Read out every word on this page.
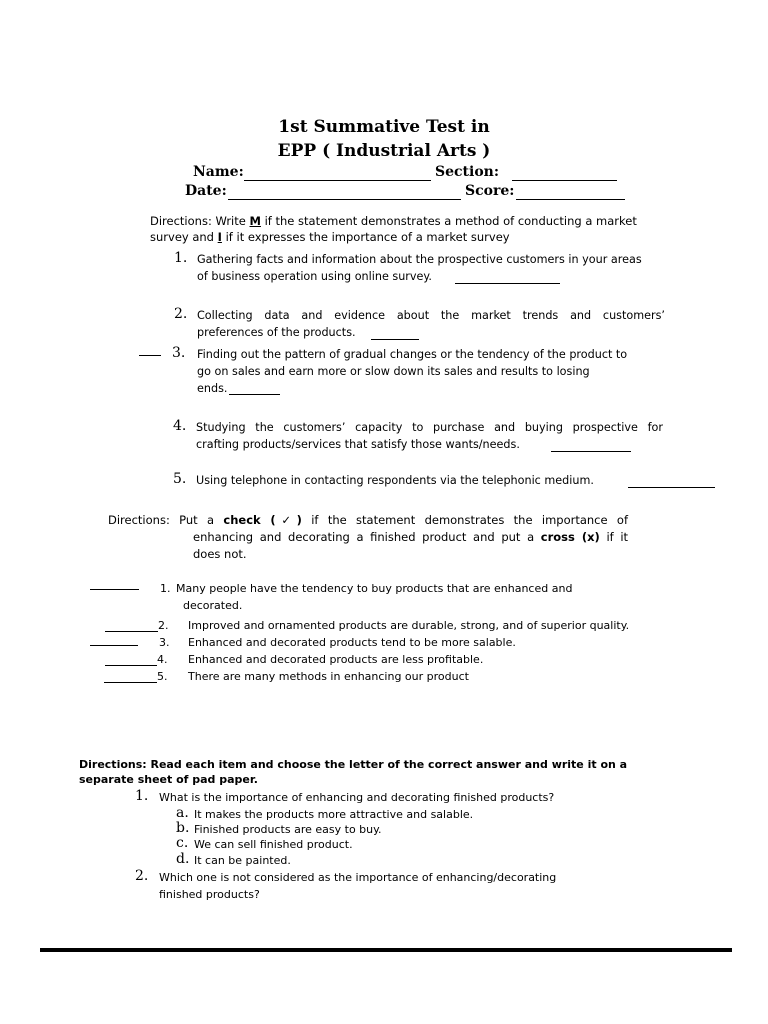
1st Summative Test in
EPP ( Industrial Arts )
Name:	Section:
Date:	Score:
Directions: Write M if the statement demonstrates a method of conducting a market
survey and I if it expresses the importance of a market survey
1. Gathering facts and information about the prospective customers in your areas
of business operation using online survey.
2. Collecting data and evidence about the market trends and customers’
preferences of the products.
3. Finding out the pattern of gradual changes or the tendency of the product to
go on sales and earn more or slow down its sales and results to losing
ends.
4. Studying the customers’ capacity to purchase and buying prospective for
crafting products/services that satisfy those wants/needs.
5. Using telephone in contacting respondents via the telephonic medium.
Directions: Put a check (✓) if the statement demonstrates the importance of
enhancing and decorating a finished product and put a cross (x) if it
does not.
1. Many people have the tendency to buy products that are enhanced and
decorated.
2. Improved and ornamented products are durable, strong, and of superior quality.
3. Enhanced and decorated products tend to be more salable.
4. Enhanced and decorated products are less profitable.
5. There are many methods in enhancing our product
Directions: Read each item and choose the letter of the correct answer and write it on a
separate sheet of pad paper.
1. What is the importance of enhancing and decorating finished products?
a. It makes the products more attractive and salable.
b. Finished products are easy to buy.
c. We can sell finished product.
d. It can be painted.
2. Which one is not considered as the importance of enhancing/decorating
finished products?
